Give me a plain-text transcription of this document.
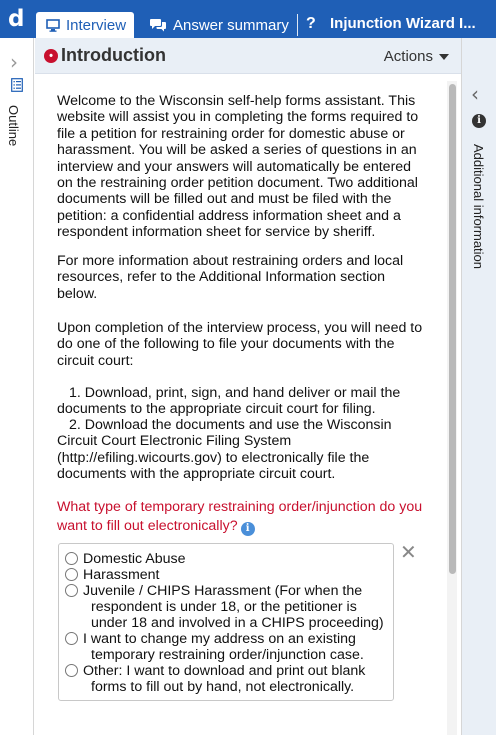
d	Interview	Answer summary ? Injunction Wizard I...
›
Outline
• Introduction	Actions
Welcome to the Wisconsin self-help forms assistant. This website will assist you in completing the forms required to file a petition for restraining order for domestic abuse or harassment. You will be asked a series of questions in an interview and your answers will automatically be entered on the restraining order petition document. Two additional documents will be filled out and must be filed with the petition: a confidential address information sheet and a respondent information sheet for service by sheriff.
For more information about restraining orders and local resources, refer to the Additional Information section below.
Upon completion of the interview process, you will need to do one of the following to file your documents with the circuit court:
1. Download, print, sign, and hand deliver or mail the documents to the appropriate circuit court for filing.
2. Download the documents and use the Wisconsin Circuit Court Electronic Filing System (http://efiling.wicourts.gov) to electronically file the documents with the appropriate circuit court.
What type of temporary restraining order/injunction do you want to fill out electronically? i
Domestic Abuse
Harassment
Juvenile / CHIPS Harassment (For when the
respondent is under 18, or the petitioner is under 18 and involved in a CHIPS proceeding)
I want to change my address on an existing
temporary restraining order/injunction case.
Other: I want to download and print out blank
forms to fill out by hand, not electronically.
✕
‹
i
Additional information
